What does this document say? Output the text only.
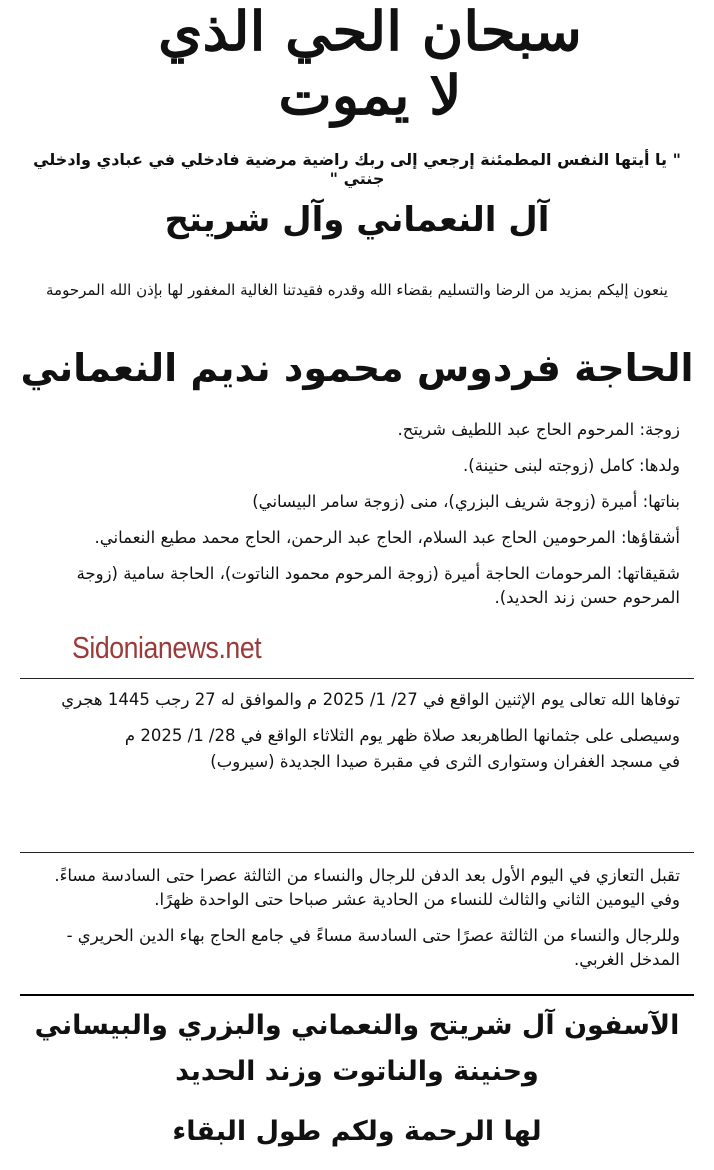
سبحان الحي الذي لا يموت
" يا أيتها النفس المطمئنة إرجعي إلى ربك راضية مرضية فادخلي في عبادي وادخلي جنتي "
آل النعماني وآل شريتح
ينعون إليكم بمزيد من الرضا والتسليم بقضاء الله وقدره فقيدتنا الغالية المغفور لها بإذن الله المرحومة
الحاجة فردوس محمود نديم النعماني

زوجة: المرحوم الحاج عبد اللطيف شريتح.

ولدها: كامل (زوجته لبنى حنينة).

بناتها: أميرة (زوجة شريف البزري)، منى (زوجة سامر البيساني)

أشقاؤها: المرحومين الحاج عبد السلام، الحاج عبد الرحمن، الحاج محمد مطيع النعماني.

شقيقاتها: المرحومات الحاجة أميرة (زوجة المرحوم محمود الناتوت)، الحاجة سامية (زوجة المرحوم حسن زند الحديد).

Sidonianews.net

توفاها الله تعالى يوم الإثنين الواقع في 27/ 1/ 2025 م والموافق له 27 رجب 1445 هجري

وسيصلى على جثمانها الطاهربعد صلاة ظهر يوم الثلاثاء الواقع في 28/ 1/ 2025 م

في مسجد الغفران وستوارى الثرى في مقبرة صيدا الجديدة (سيروب)

تقبل التعازي في اليوم الأول بعد الدفن للرجال والنساء من الثالثة عصرا حتى السادسة مساءً. وفي اليومين الثاني والثالث للنساء من الحادية عشر صباحا حتى الواحدة ظهرًا.

وللرجال والنساء من الثالثة عصرًا حتى السادسة مساءً في جامع الحاج بهاء الدين الحريري - المدخل الغربي.

الآسفون آل شريتح والنعماني والبزري والبيساني
وحنينة والناتوت وزند الحديد
لها الرحمة ولكم طول البقاء
